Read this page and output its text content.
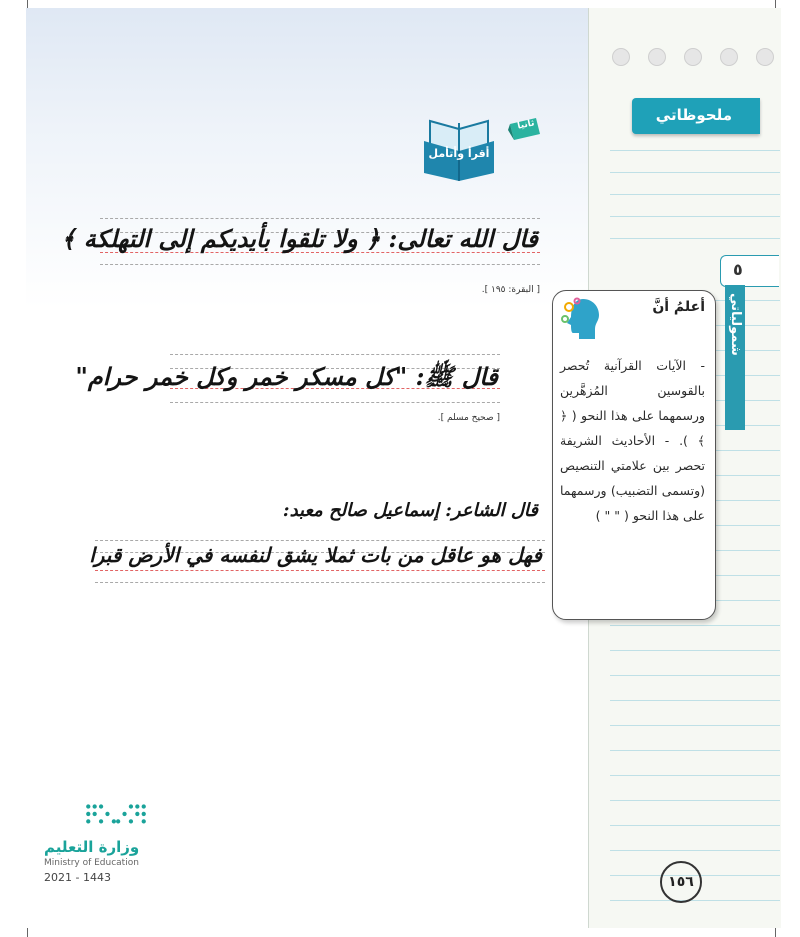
ملحوظاتي
٥
شمولياتي
أقرأ وأتأمل
ثانيا
قال الله تعالى: ﴿ ولا تلقوا بأيديكم إلى التهلكة ﴾
[ البقرة: ١٩٥ ].
قال ﷺ: "كل مسكر خمر وكل خمر حرام"
[ صحيح مسلم ].
قال الشاعر: إسماعيل صالح معبد:
فهل هو عاقل من بات ثملا يشق لنفسه في الأرض قبرا
أعلمُ أنَّ
- الآيات القرآنية تُحصر بالقوسين المُزهَّرين ورسمهما على هذا النحو ( ﴿ ﴾ ). - الأحاديث الشريفة تحصر بين علامتي التنصيص (وتسمى التضبيب) ورسمهما على هذا النحو ( " " )
وزارة التعليم
Ministry of Education
2021 - 1443	١٥٦
